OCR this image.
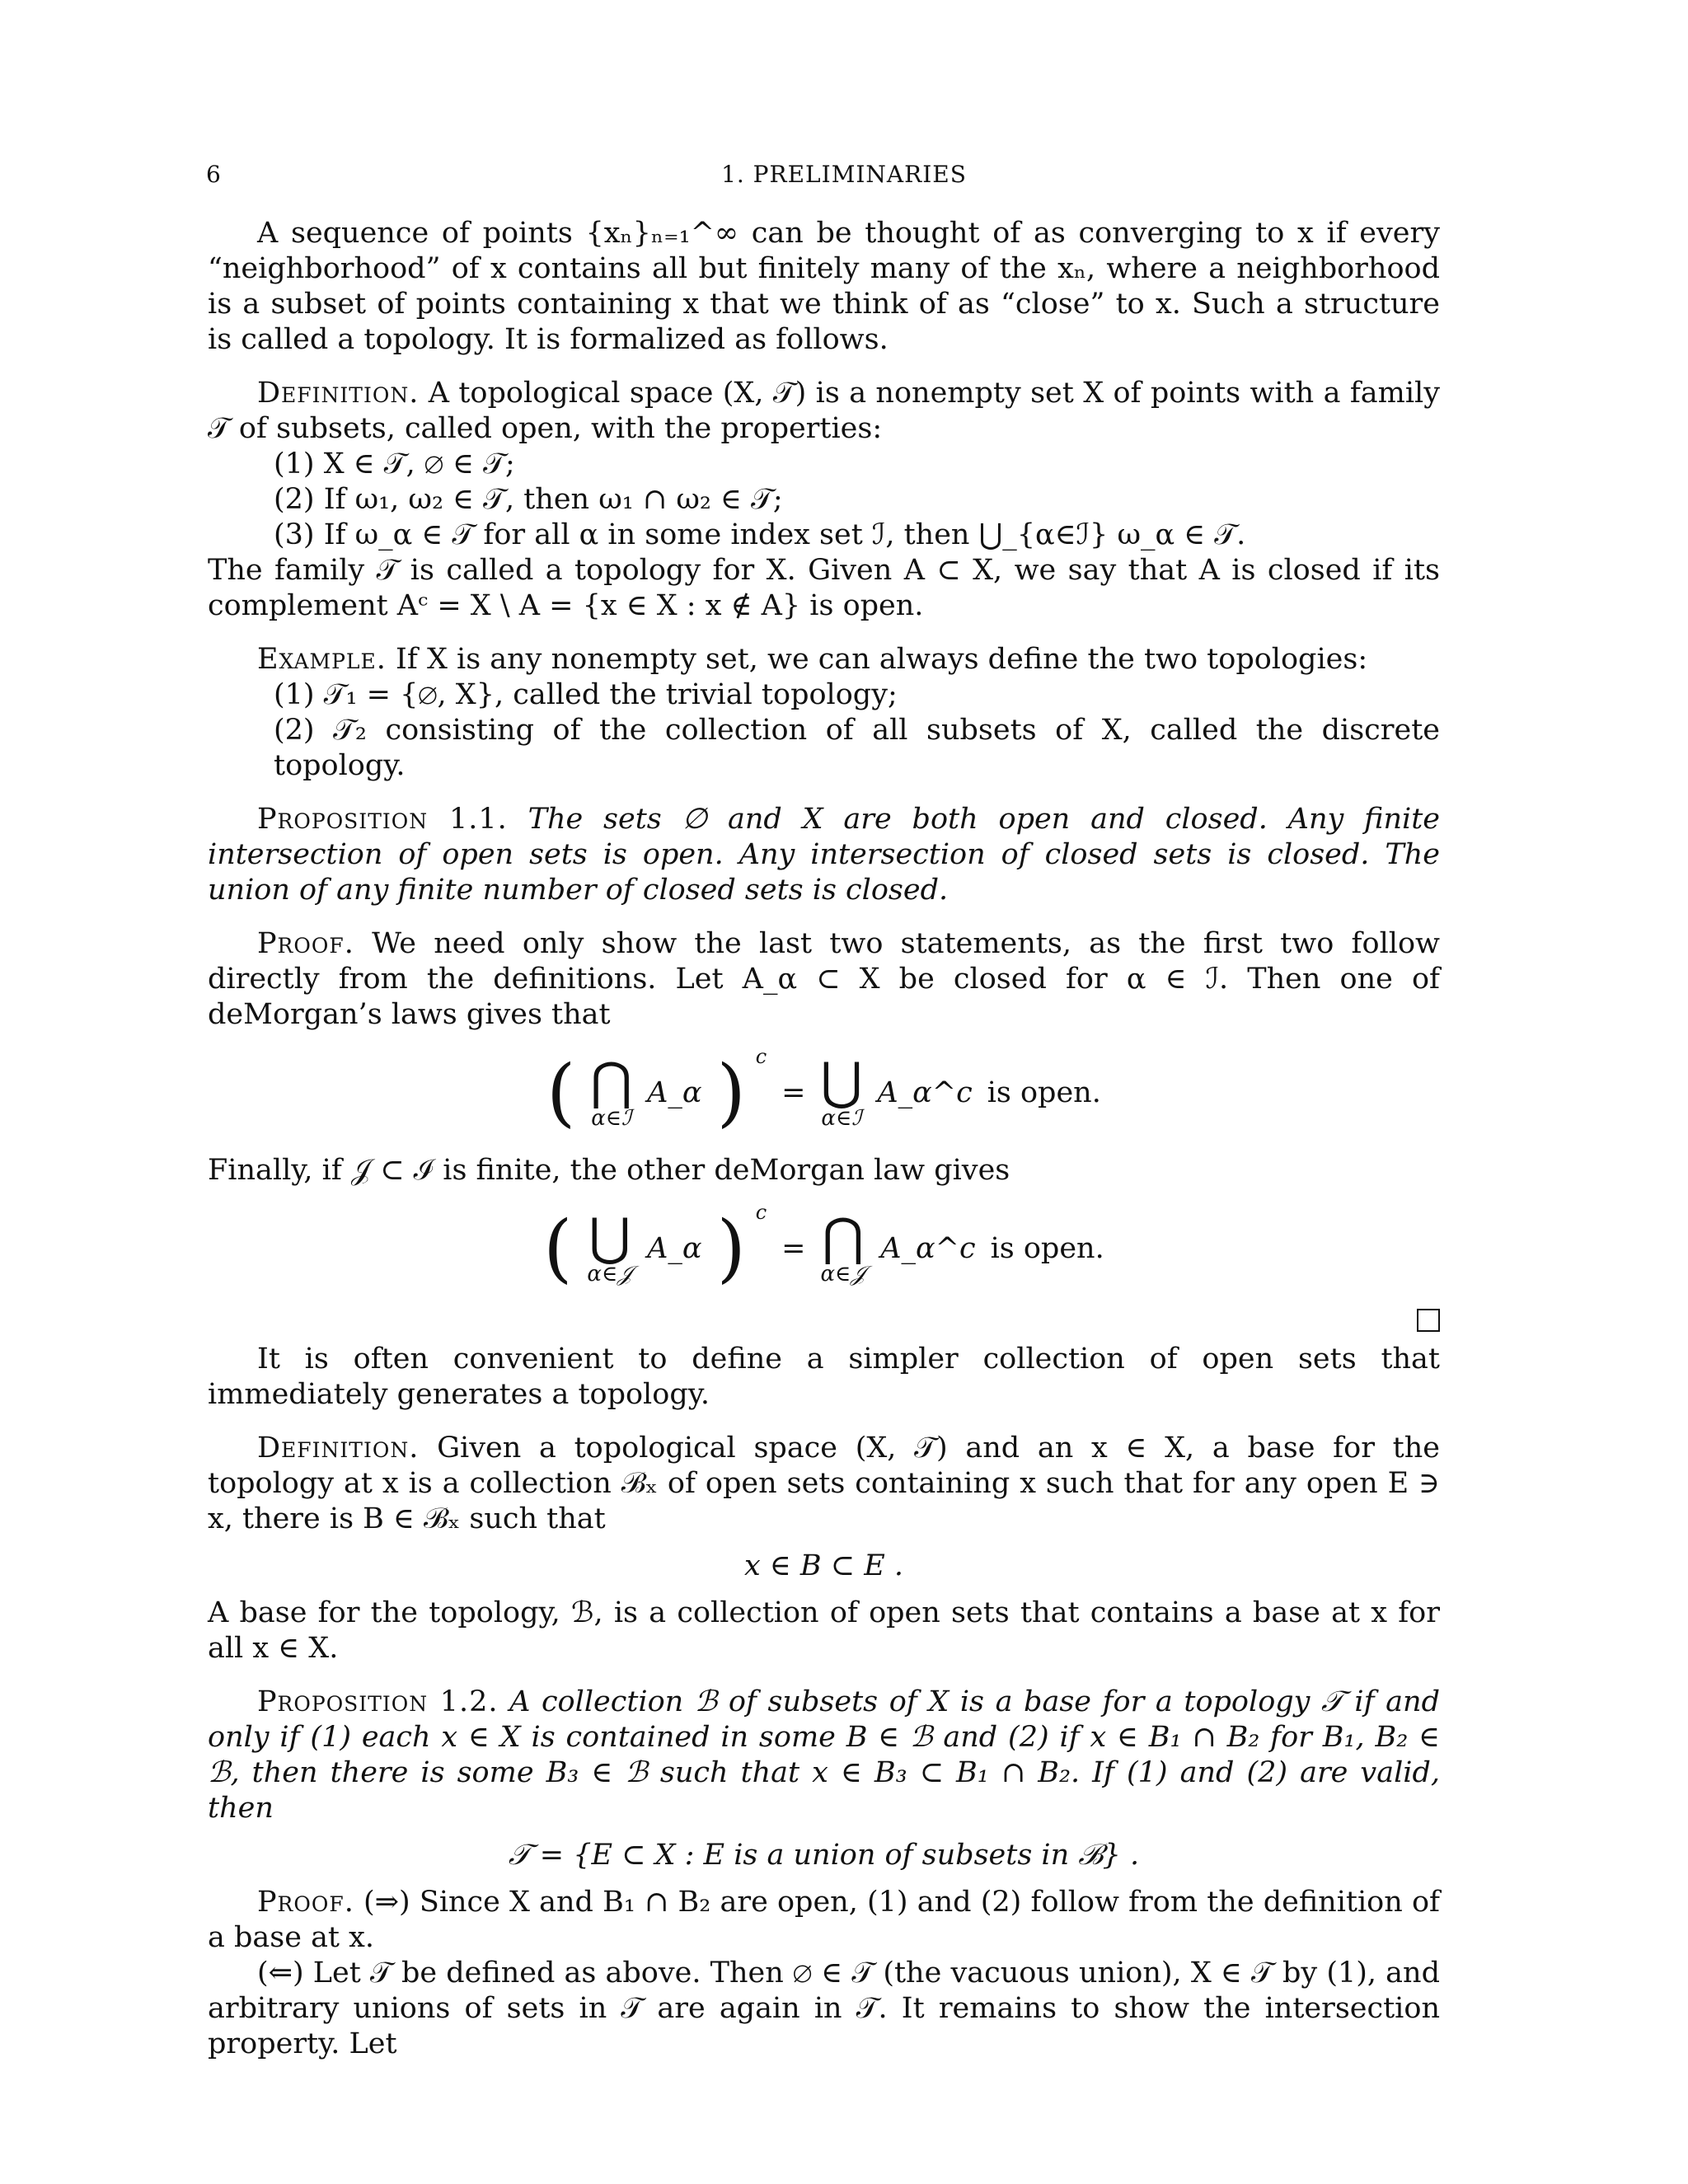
6	1. PRELIMINARIES

A sequence of points {xₙ}ₙ₌₁^∞ can be thought of as converging to x if every “neighborhood” of x contains all but finitely many of the xₙ, where a neighborhood is a subset of points containing x that we think of as “close” to x. Such a structure is called a topology. It is formalized as follows.

Definition. A topological space (X, 𝒯) is a nonempty set X of points with a family 𝒯 of subsets, called open, with the properties:

(1) X ∈ 𝒯, ∅ ∈ 𝒯;
(2) If ω₁, ω₂ ∈ 𝒯, then ω₁ ∩ ω₂ ∈ 𝒯;
(3) If ω_α ∈ 𝒯 for all α in some index set ℐ, then ⋃_{α∈ℐ} ω_α ∈ 𝒯.

The family 𝒯 is called a topology for X. Given A ⊂ X, we say that A is closed if its complement Aᶜ = X \ A = {x ∈ X : x ∉ A} is open.

Example. If X is any nonempty set, we can always define the two topologies:

(1) 𝒯₁ = {∅, X}, called the trivial topology;
(2) 𝒯₂ consisting of the collection of all subsets of X, called the discrete topology.

Proposition 1.1. The sets ∅ and X are both open and closed. Any finite intersection of open sets is open. Any intersection of closed sets is closed. The union of any finite number of closed sets is closed.

Proof. We need only show the last two statements, as the first two follow directly from the definitions. Let A_α ⊂ X be closed for α ∈ ℐ. Then one of deMorgan’s laws gives that

( ⋂
α∈ℐ
A_α ) c
= ⋃
α∈ℐ
A_α^c is open.

Finally, if 𝒥 ⊂ ℐ is finite, the other deMorgan law gives

( ⋃
α∈𝒥
A_α ) c
= ⋂
α∈𝒥
A_α^c is open.

It is often convenient to define a simpler collection of open sets that immediately generates a topology.

Definition. Given a topological space (X, 𝒯) and an x ∈ X, a base for the topology at x is a collection ℬₓ of open sets containing x such that for any open E ∋ x, there is B ∈ ℬₓ such that

x ∈ B ⊂ E .

A base for the topology, ℬ, is a collection of open sets that contains a base at x for all x ∈ X.

Proposition 1.2. A collection ℬ of subsets of X is a base for a topology 𝒯 if and only if (1) each x ∈ X is contained in some B ∈ ℬ and (2) if x ∈ B₁ ∩ B₂ for B₁, B₂ ∈ ℬ, then there is some B₃ ∈ ℬ such that x ∈ B₃ ⊂ B₁ ∩ B₂. If (1) and (2) are valid, then

𝒯 = {E ⊂ X : E is a union of subsets in ℬ} .

Proof. (⇒) Since X and B₁ ∩ B₂ are open, (1) and (2) follow from the definition of a base at x.

(⇐) Let 𝒯 be defined as above. Then ∅ ∈ 𝒯 (the vacuous union), X ∈ 𝒯 by (1), and arbitrary unions of sets in 𝒯 are again in 𝒯. It remains to show the intersection property. Let
